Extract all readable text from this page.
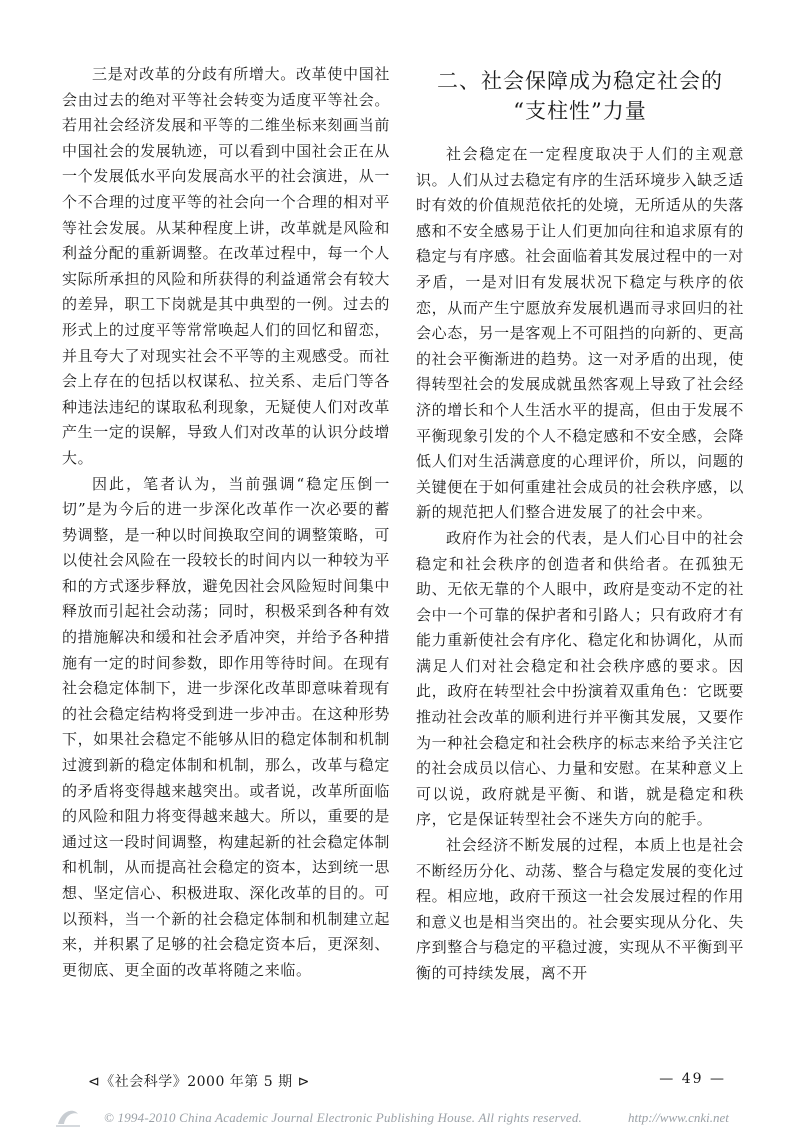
三是对改革的分歧有所增大。改革使中国社会由过去的绝对平等社会转变为适度平等社会。若用社会经济发展和平等的二维坐标来刻画当前中国社会的发展轨迹，可以看到中国社会正在从一个发展低水平向发展高水平的社会演进，从一个不合理的过度平等的社会向一个合理的相对平等社会发展。从某种程度上讲，改革就是风险和利益分配的重新调整。在改革过程中，每一个人实际所承担的风险和所获得的利益通常会有较大的差异，职工下岗就是其中典型的一例。过去的形式上的过度平等常常唤起人们的回忆和留恋，并且夸大了对现实社会不平等的主观感受。而社会上存在的包括以权谋私、拉关系、走后门等各种违法违纪的谋取私利现象，无疑使人们对改革产生一定的误解，导致人们对改革的认识分歧增大。

因此，笔者认为，当前强调“稳定压倒一切”是为今后的进一步深化改革作一次必要的蓄势调整，是一种以时间换取空间的调整策略，可以使社会风险在一段较长的时间内以一种较为平和的方式逐步释放，避免因社会风险短时间集中释放而引起社会动荡；同时，积极采到各种有效的措施解决和缓和社会矛盾冲突，并给予各种措施有一定的时间参数，即作用等待时间。在现有社会稳定体制下，进一步深化改革即意味着现有的社会稳定结构将受到进一步冲击。在这种形势下，如果社会稳定不能够从旧的稳定体制和机制过渡到新的稳定体制和机制，那么，改革与稳定的矛盾将变得越来越突出。或者说，改革所面临的风险和阻力将变得越来越大。所以，重要的是通过这一段时间调整，构建起新的社会稳定体制和机制，从而提高社会稳定的资本，达到统一思想、坚定信心、积极进取、深化改革的目的。可以预料，当一个新的社会稳定体制和机制建立起来，并积累了足够的社会稳定资本后，更深刻、更彻底、更全面的改革将随之来临。

二、社会保障成为稳定社会的
“支柱性”力量

社会稳定在一定程度取决于人们的主观意识。人们从过去稳定有序的生活环境步入缺乏适时有效的价值规范依托的处境，无所适从的失落感和不安全感易于让人们更加向往和追求原有的稳定与有序感。社会面临着其发展过程中的一对矛盾，一是对旧有发展状况下稳定与秩序的依恋，从而产生宁愿放弃发展机遇而寻求回归的社会心态，另一是客观上不可阻挡的向新的、更高的社会平衡渐进的趋势。这一对矛盾的出现，使得转型社会的发展成就虽然客观上导致了社会经济的增长和个人生活水平的提高，但由于发展不平衡现象引发的个人不稳定感和不安全感，会降低人们对生活满意度的心理评价，所以，问题的关键便在于如何重建社会成员的社会秩序感，以新的规范把人们整合进发展了的社会中来。

政府作为社会的代表，是人们心目中的社会稳定和社会秩序的创造者和供给者。在孤独无助、无依无靠的个人眼中，政府是变动不定的社会中一个可靠的保护者和引路人；只有政府才有能力重新使社会有序化、稳定化和协调化，从而满足人们对社会稳定和社会秩序感的要求。因此，政府在转型社会中扮演着双重角色：它既要推动社会改革的顺利进行并平衡其发展，又要作为一种社会稳定和社会秩序的标志来给予关注它的社会成员以信心、力量和安慰。在某种意义上可以说，政府就是平衡、和谐，就是稳定和秩序，它是保证转型社会不迷失方向的舵手。

社会经济不断发展的过程，本质上也是社会不断经历分化、动荡、整合与稳定发展的变化过程。相应地，政府干预这一社会发展过程的作用和意义也是相当突出的。社会要实现从分化、失序到整合与稳定的平稳过渡，实现从不平衡到平衡的可持续发展，离不开

⊲《社会科学》2000 年第 5 期 ⊳	— 49 —
© 1994-2010 China Academic Journal Electronic Publishing House. All rights reserved.	http://www.cnki.net
